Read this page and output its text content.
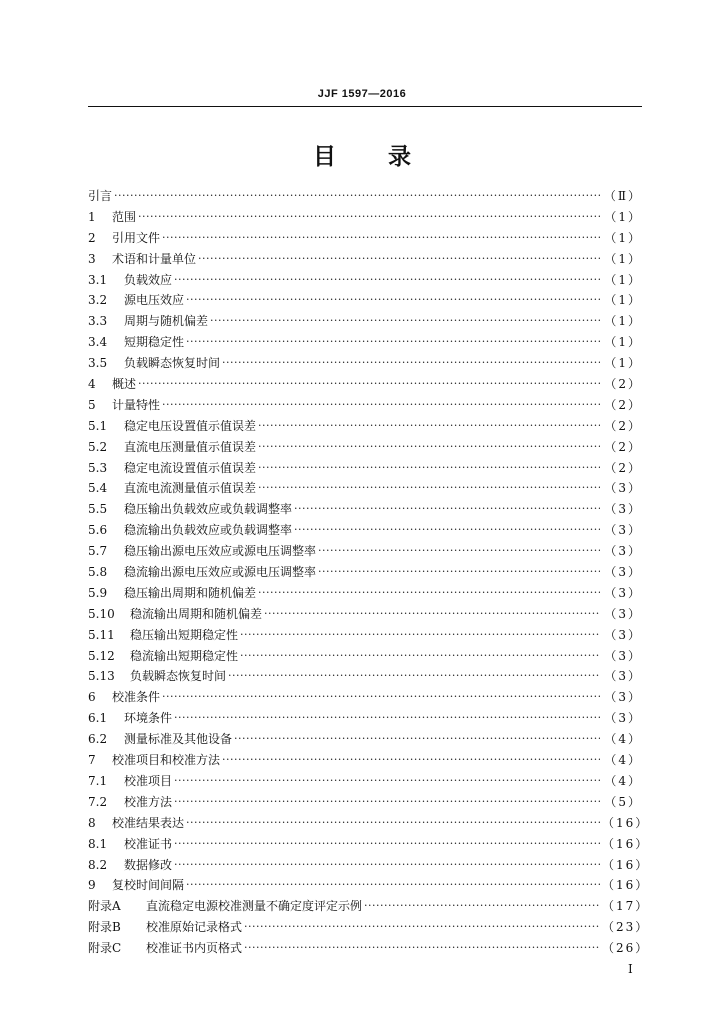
JJF 1597—2016
目 录
引言 ·····	（Ⅱ）
1	范围 ·····	（1）
2	引用文件 ·····	（1）
3	术语和计量单位 ·····	（1）
3.1	负载效应 ·····	（1）
3.2	源电压效应 ·····	（1）
3.3	周期与随机偏差 ·····	（1）
3.4	短期稳定性 ·····	（1）
3.5	负载瞬态恢复时间 ·····	（1）
4	概述 ·····	（2）
5	计量特性 ·····	（2）
5.1	稳定电压设置值示值误差 ·····	（2）
5.2	直流电压测量值示值误差 ·····	（2）
5.3	稳定电流设置值示值误差 ·····	（2）
5.4	直流电流测量值示值误差 ·····	（3）
5.5	稳压输出负载效应或负载调整率 ·····	（3）
5.6	稳流输出负载效应或负载调整率 ·····	（3）
5.7	稳压输出源电压效应或源电压调整率 ·····	（3）
5.8	稳流输出源电压效应或源电压调整率 ·····	（3）
5.9	稳压输出周期和随机偏差 ·····	（3）
5.10	稳流输出周期和随机偏差 ·····	（3）
5.11	稳压输出短期稳定性 ·····	（3）
5.12	稳流输出短期稳定性 ·····	（3）
5.13	负载瞬态恢复时间 ·····	（3）
6	校准条件 ·····	（3）
6.1	环境条件 ·····	（3）
6.2	测量标准及其他设备 ·····	（4）
7	校准项目和校准方法 ·····	（4）
7.1	校准项目 ·····	（4）
7.2	校准方法 ·····	（5）
8	校准结果表达 ·····	（16）
8.1	校准证书 ·····	（16）
8.2	数据修改 ·····	（16）
9	复校时间间隔 ·····	（16）
附录A	直流稳定电源校准测量不确定度评定示例 ·····	（17）
附录B	校准原始记录格式 ·····	（23）
附录C	校准证书内页格式 ·····	（26）
Ⅰ
